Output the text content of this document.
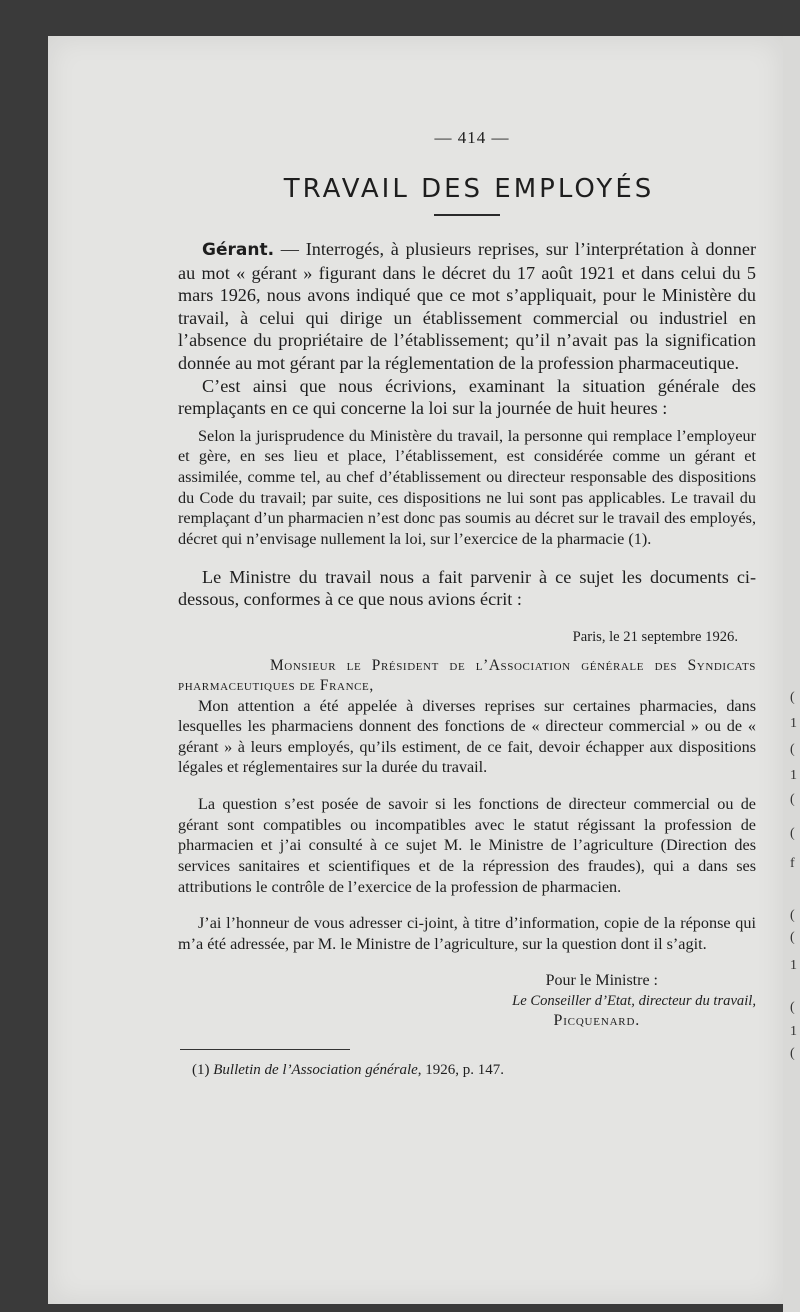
— 414 —
TRAVAIL DES EMPLOYÉS

Gérant. — Interrogés, à plusieurs reprises, sur l’interprétation à donner au mot « gérant » figurant dans le décret du 17 août 1921 et dans celui du 5 mars 1926, nous avons indiqué que ce mot s’appliquait, pour le Ministère du travail, à celui qui dirige un établissement commercial ou industriel en l’absence du propriétaire de l’établissement; qu’il n’avait pas la signification donnée au mot gérant par la réglementation de la profession pharmaceutique.

C’est ainsi que nous écrivions, examinant la situation générale des remplaçants en ce qui concerne la loi sur la journée de huit heures :

Selon la jurisprudence du Ministère du travail, la personne qui remplace l’employeur et gère, en ses lieu et place, l’établissement, est considérée comme un gérant et assimilée, comme tel, au chef d’établissement ou directeur responsable des dispositions du Code du travail; par suite, ces dispositions ne lui sont pas applicables. Le travail du remplaçant d’un pharmacien n’est donc pas soumis au décret sur le travail des employés, décret qui n’envisage nullement la loi, sur l’exercice de la pharmacie (1).

Le Ministre du travail nous a fait parvenir à ce sujet les documents ci-dessous, conformes à ce que nous avions écrit :

Paris, le 21 septembre 1926.
Monsieur le Président de l’Association générale des Syndicats pharmaceutiques de France,

Mon attention a été appelée à diverses reprises sur certaines pharmacies, dans lesquelles les pharmaciens donnent des fonctions de « directeur commercial » ou de « gérant » à leurs employés, qu’ils estiment, de ce fait, devoir échapper aux dispositions légales et réglementaires sur la durée du travail.

La question s’est posée de savoir si les fonctions de directeur commercial ou de gérant sont compatibles ou incompatibles avec le statut régissant la profession de pharmacien et j’ai consulté à ce sujet M. le Ministre de l’agriculture (Direction des services sanitaires et scientifiques et de la répression des fraudes), qui a dans ses attributions le contrôle de l’exercice de la profession de pharmacien.

J’ai l’honneur de vous adresser ci-joint, à titre d’information, copie de la réponse qui m’a été adressée, par M. le Ministre de l’agriculture, sur la question dont il s’agit.

Pour le Ministre :
Le Conseiller d’Etat, directeur du travail,
Picquenard.
(1) Bulletin de l’Association générale, 1926, p. 147.
(
1
(
1
(
(
f
(
(
1
(
1
(
